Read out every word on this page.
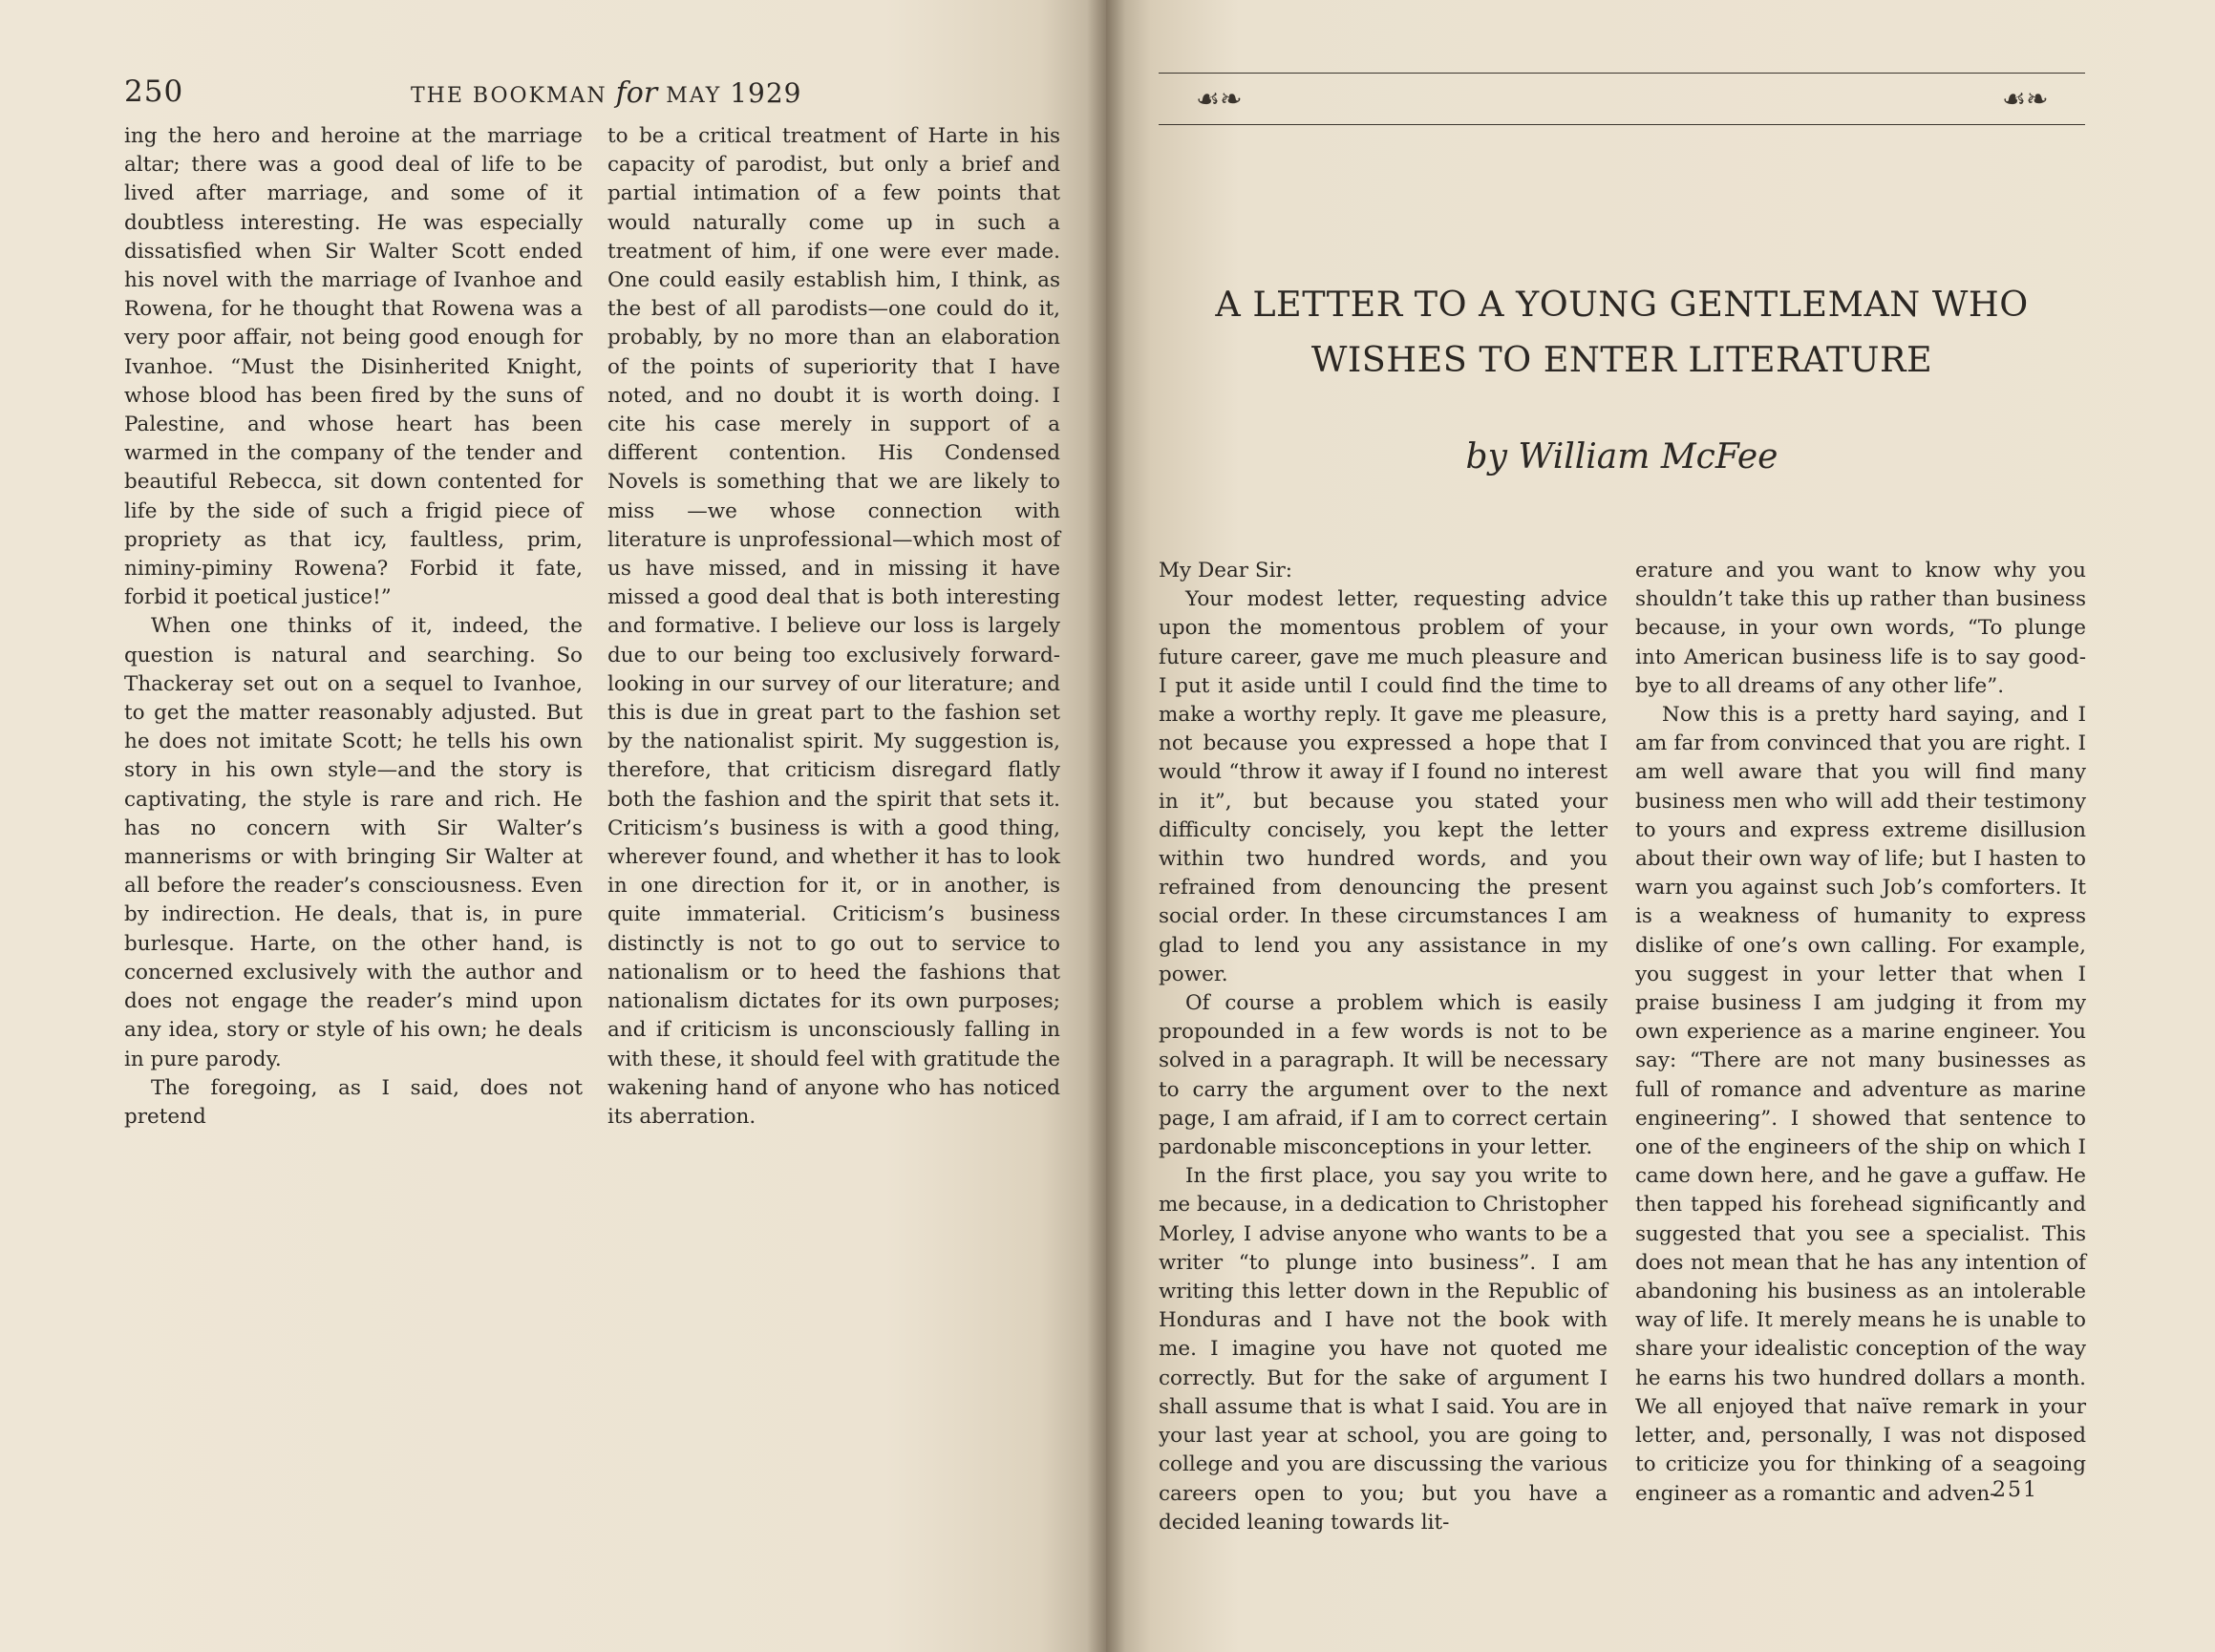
250	THE BOOKMAN for MAY 1929

ing the hero and heroine at the marriage altar; there was a good deal of life to be lived after marriage, and some of it doubtless interesting. He was especially dissatisfied when Sir Walter Scott ended his novel with the marriage of Ivanhoe and Rowena, for he thought that Rowena was a very poor affair, not being good enough for Ivanhoe. “Must the Disinherited Knight, whose blood has been fired by the suns of Palestine, and whose heart has been warmed in the company of the tender and beautiful Rebecca, sit down contented for life by the side of such a frigid piece of propriety as that icy, faultless, prim, niminy-piminy Rowena? Forbid it fate, forbid it poetical justice!”

When one thinks of it, indeed, the question is natural and searching. So Thackeray set out on a sequel to Ivanhoe, to get the matter reasonably adjusted. But he does not imitate Scott; he tells his own story in his own style—and the story is captivating, the style is rare and rich. He has no concern with Sir Walter’s mannerisms or with bringing Sir Walter at all before the reader’s consciousness. Even by indirection. He deals, that is, in pure burlesque. Harte, on the other hand, is concerned exclusively with the author and does not engage the reader’s mind upon any idea, story or style of his own; he deals in pure parody.

The foregoing, as I said, does not pretend

to be a critical treatment of Harte in his capacity of parodist, but only a brief and partial intimation of a few points that would naturally come up in such a treatment of him, if one were ever made. One could easily establish him, I think, as the best of all parodists—one could do it, probably, by no more than an elaboration of the points of superiority that I have noted, and no doubt it is worth doing. I cite his case merely in support of a different contention. His Condensed Novels is something that we are likely to miss —we whose connection with literature is unprofessional—which most of us have missed, and in missing it have missed a good deal that is both interesting and formative. I believe our loss is largely due to our being too exclusively forward-looking in our survey of our literature; and this is due in great part to the fashion set by the nationalist spirit. My suggestion is, therefore, that criticism disregard flatly both the fashion and the spirit that sets it. Criticism’s business is with a good thing, wherever found, and whether it has to look in one direction for it, or in another, is quite immaterial. Criticism’s business distinctly is not to go out to service to nationalism or to heed the fashions that nationalism dictates for its own purposes; and if criticism is unconsciously falling in with these, it should feel with gratitude the wakening hand of anyone who has noticed its aberration.

☙❧	☙❧
A LETTER TO A YOUNG GENTLEMAN WHO
WISHES TO ENTER LITERATURE
by William McFee

My Dear Sir:

Your modest letter, requesting advice upon the momentous problem of your future career, gave me much pleasure and I put it aside until I could find the time to make a worthy reply. It gave me pleasure, not because you expressed a hope that I would “throw it away if I found no interest in it”, but because you stated your difficulty concisely, you kept the letter within two hundred words, and you refrained from denouncing the present social order. In these circumstances I am glad to lend you any assistance in my power.

Of course a problem which is easily propounded in a few words is not to be solved in a paragraph. It will be necessary to carry the argument over to the next page, I am afraid, if I am to correct certain pardonable misconceptions in your letter.

In the first place, you say you write to me because, in a dedication to Christopher Morley, I advise anyone who wants to be a writer “to plunge into business”. I am writing this letter down in the Republic of Honduras and I have not the book with me. I imagine you have not quoted me correctly. But for the sake of argument I shall assume that is what I said. You are in your last year at school, you are going to college and you are discussing the various careers open to you; but you have a decided leaning towards lit-

erature and you want to know why you shouldn’t take this up rather than business because, in your own words, “To plunge into American business life is to say good-bye to all dreams of any other life”.

Now this is a pretty hard saying, and I am far from convinced that you are right. I am well aware that you will find many business men who will add their testimony to yours and express extreme disillusion about their own way of life; but I hasten to warn you against such Job’s comforters. It is a weakness of humanity to express dislike of one’s own calling. For example, you suggest in your letter that when I praise business I am judging it from my own experience as a marine engineer. You say: “There are not many businesses as full of romance and adventure as marine engineering”. I showed that sentence to one of the engineers of the ship on which I came down here, and he gave a guffaw. He then tapped his forehead significantly and suggested that you see a specialist. This does not mean that he has any intention of abandoning his business as an intolerable way of life. It merely means he is unable to share your idealistic conception of the way he earns his two hundred dollars a month. We all enjoyed that naïve remark in your letter, and, personally, I was not disposed to criticize you for thinking of a seagoing engineer as a romantic and adven-

251
